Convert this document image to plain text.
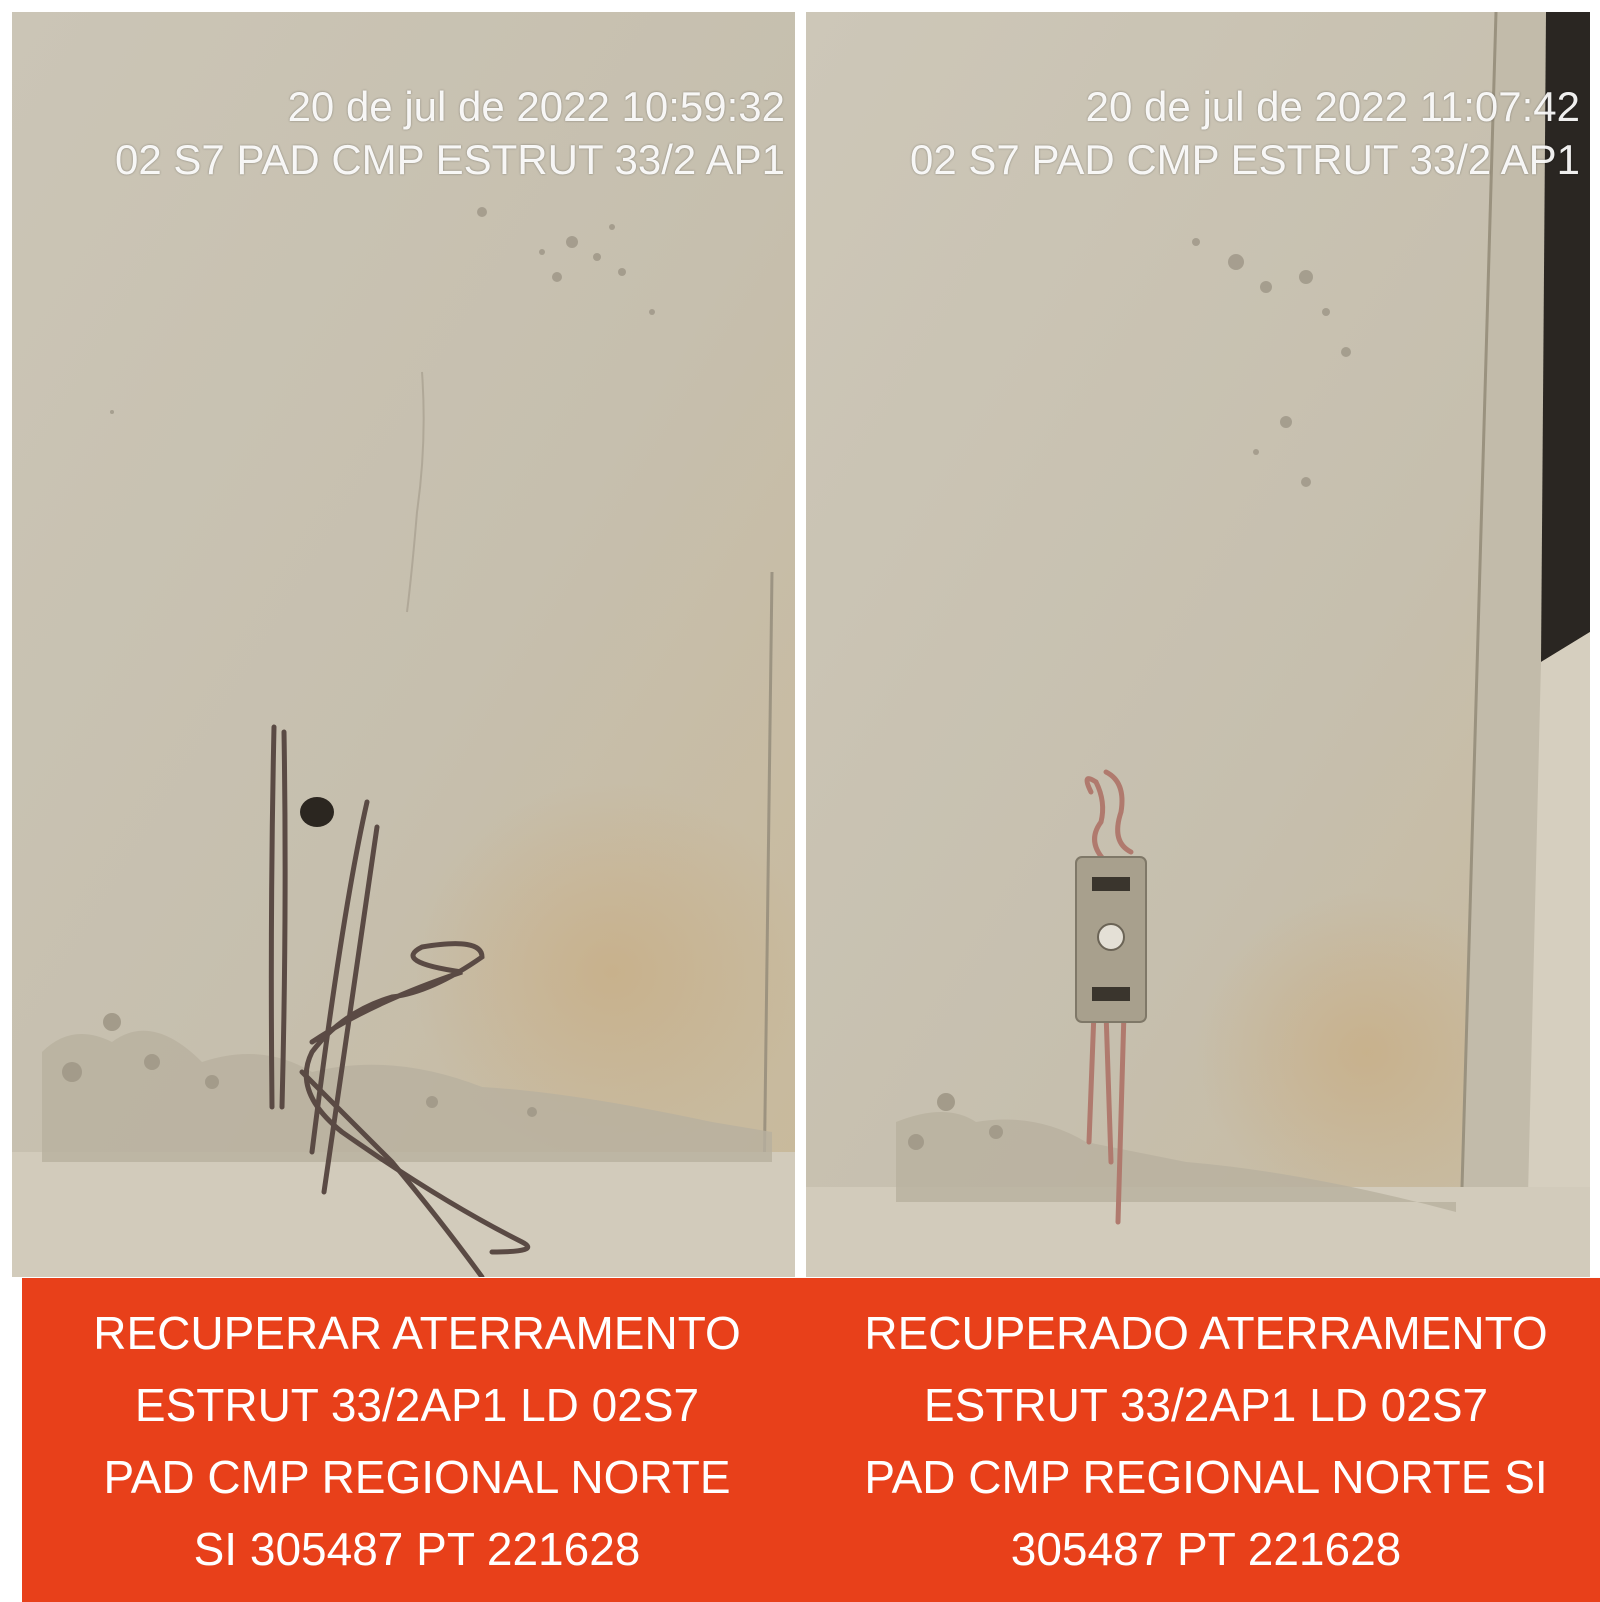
20 de jul de 2022 10:59:32
02 S7 PAD CMP ESTRUT 33/2 AP1
20 de jul de 2022 11:07:42
02 S7 PAD CMP ESTRUT 33/2 AP1
RECUPERAR ATERRAMENTO
ESTRUT 33/2AP1 LD 02S7
PAD CMP REGIONAL NORTE
SI 305487 PT 221628
RECUPERADO ATERRAMENTO
ESTRUT 33/2AP1 LD 02S7
PAD CMP REGIONAL NORTE SI
305487 PT 221628
